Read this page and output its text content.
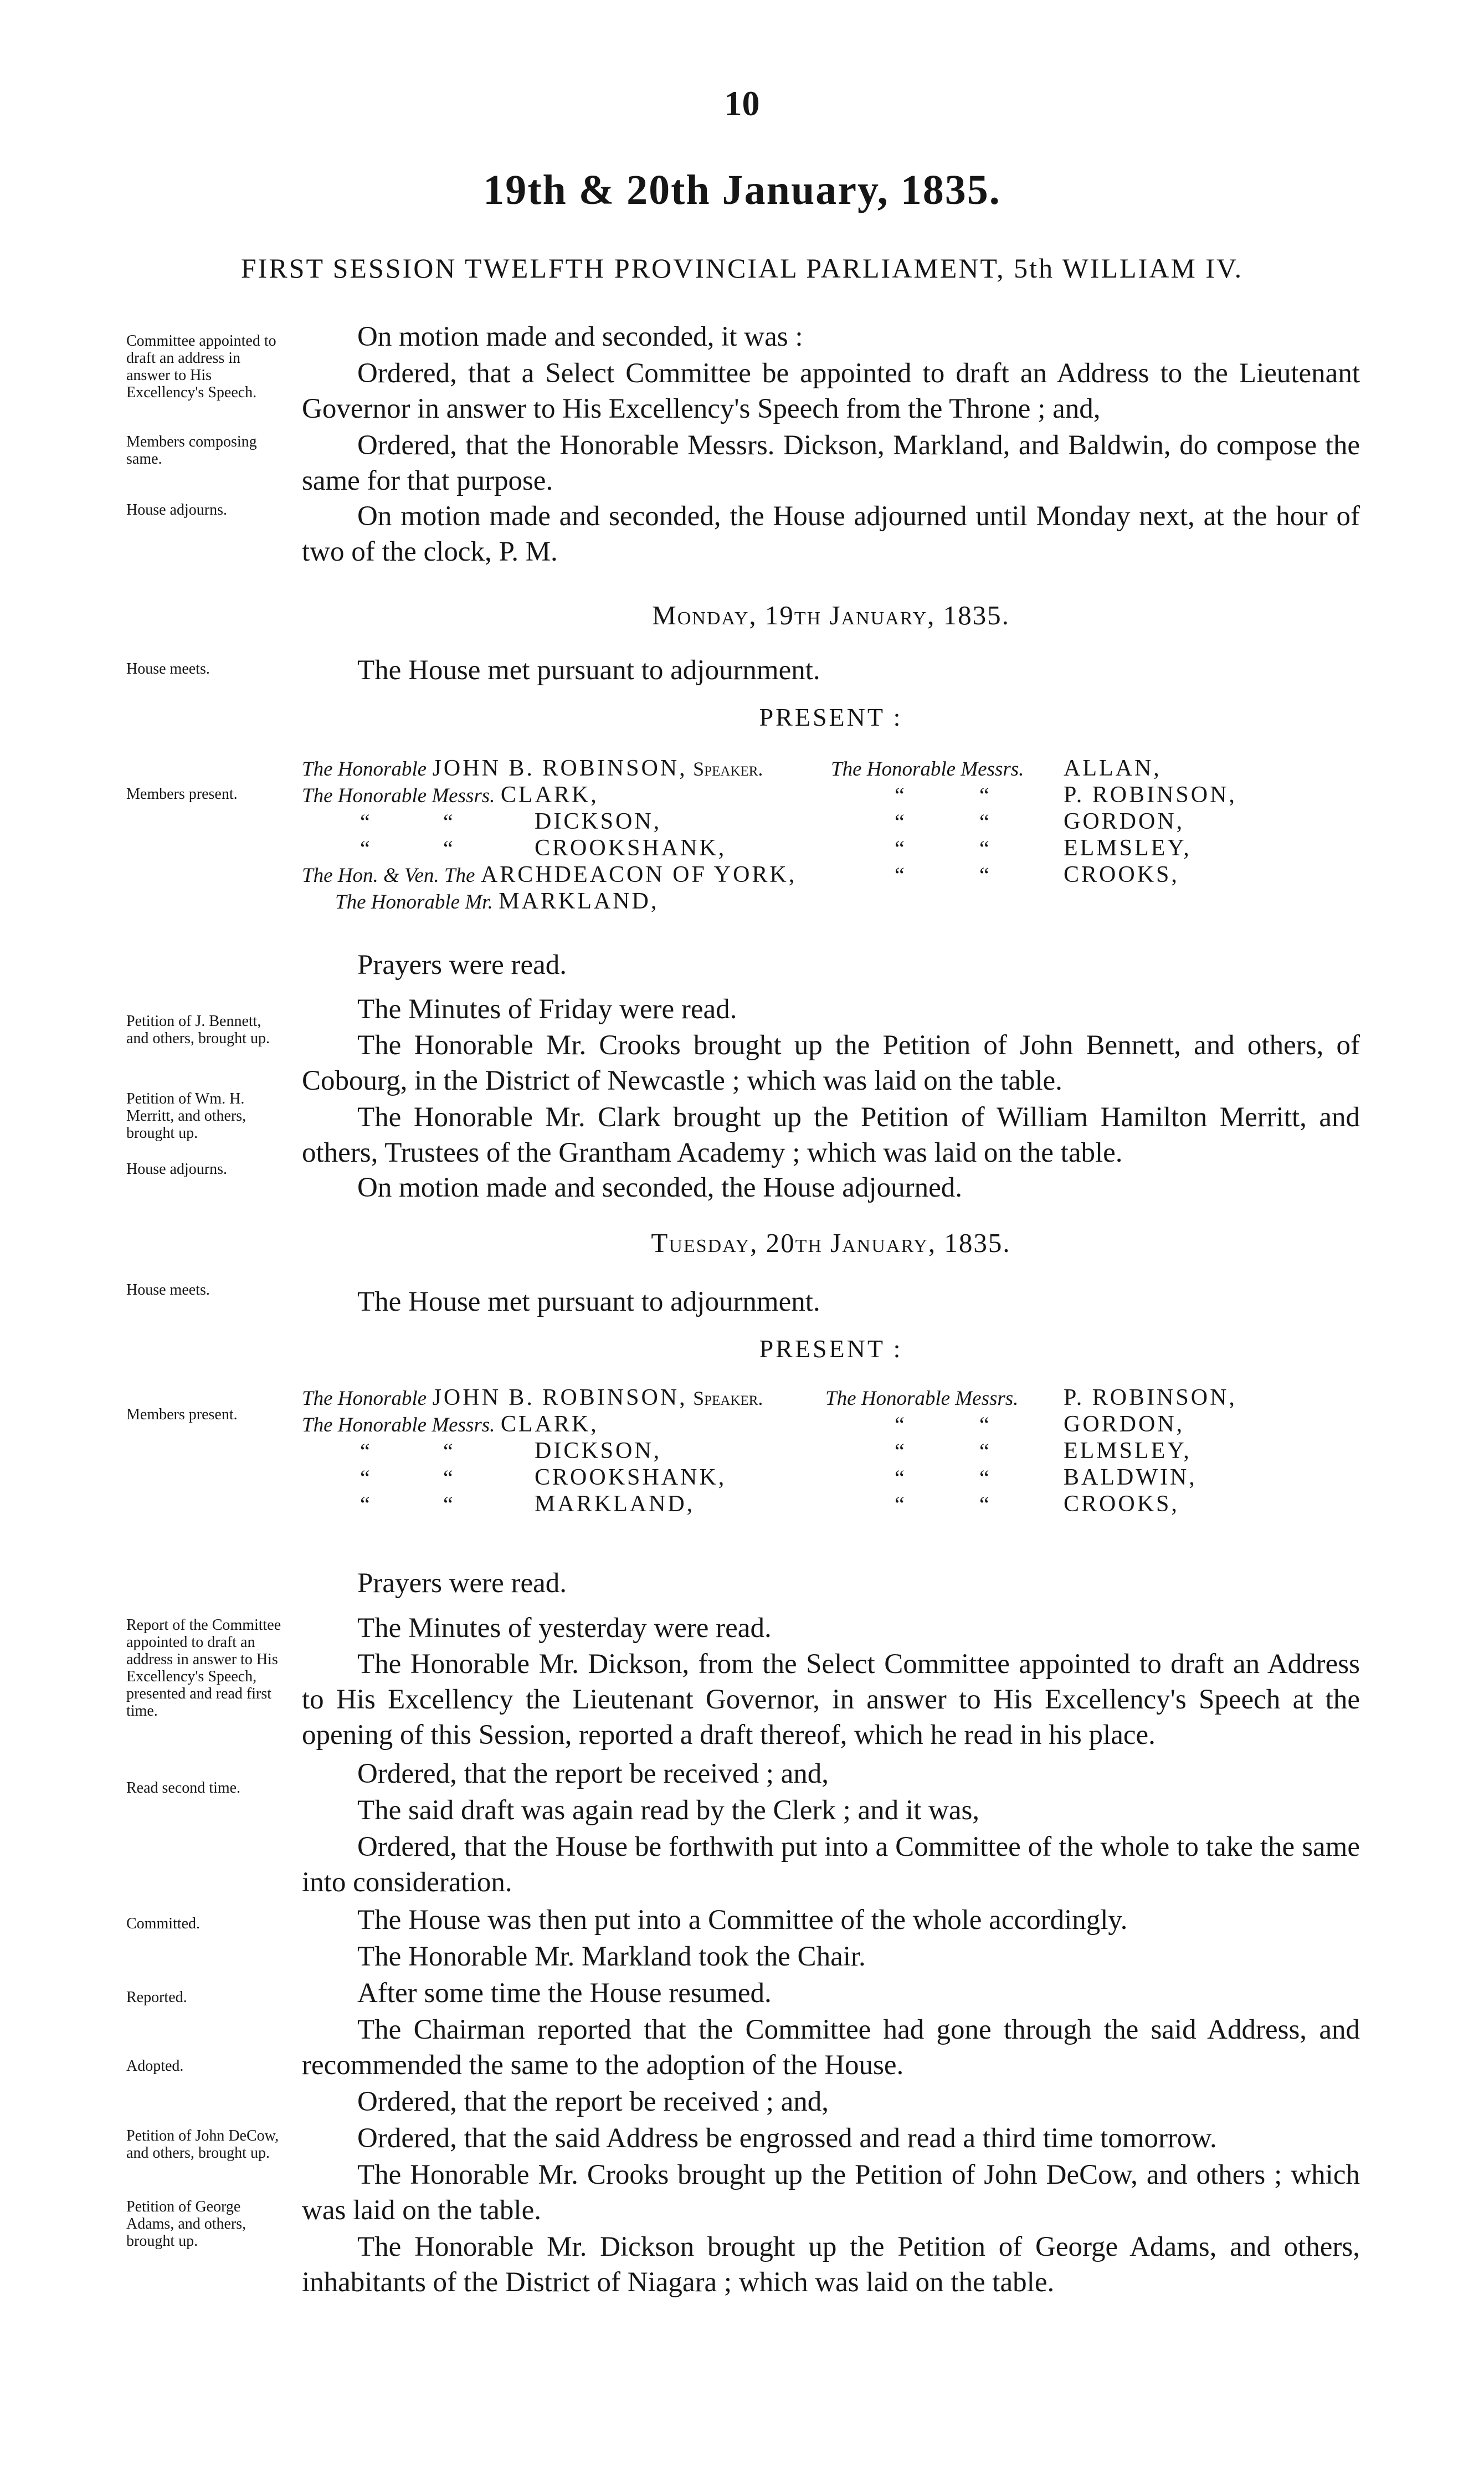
10
19th & 20th January, 1835.
FIRST SESSION TWELFTH PROVINCIAL PARLIAMENT, 5th WILLIAM IV.
Committee appointed to draft an address in answer to His Excellency's Speech.
Members composing same.
House adjourns.
House meets.
Members present.
Petition of J. Bennett, and others, brought up.
Petition of Wm. H. Merritt, and others, brought up.
House adjourns.
House meets.
Members present.
Report of the Committee appointed to draft an address in answer to His Excellency's Speech, presented and read first time.
Read second time.
Committed.
Reported.
Adopted.
Petition of John DeCow, and others, brought up.
Petition of George Adams, and others, brought up.
On motion made and seconded, it was :
Ordered, that a Select Committee be appointed to draft an Address to the Lieutenant Governor in answer to His Excellency's Speech from the Throne ; and,
Ordered, that the Honorable Messrs. Dickson, Markland, and Baldwin, do compose the same for that purpose.
On motion made and seconded, the House adjourned until Monday next, at the hour of two of the clock, P. M.
Monday, 19th January, 1835.
The House met pursuant to adjournment.
PRESENT :
The Honorable JOHN B. ROBINSON, Speaker.
The Honorable Messrs. CLARK,
“	“	DICKSON,
“	“	CROOKSHANK,
The Hon. & Ven. The ARCHDEACON OF YORK,
The Honorable Mr. MARKLAND,
The Honorable Messrs. ALLAN,
“	“	P. ROBINSON,
“	“	GORDON,
“	“	ELMSLEY,
“	“	CROOKS,
Prayers were read.
The Minutes of Friday were read.
The Honorable Mr. Crooks brought up the Petition of John Bennett, and others, of Cobourg, in the District of Newcastle ; which was laid on the table.
The Honorable Mr. Clark brought up the Petition of William Hamilton Merritt, and others, Trustees of the Grantham Academy ; which was laid on the table.
On motion made and seconded, the House adjourned.
Tuesday, 20th January, 1835.
The House met pursuant to adjournment.
PRESENT :
The Honorable JOHN B. ROBINSON, Speaker.
The Honorable Messrs. CLARK,
“	“	DICKSON,
“	“	CROOKSHANK,
“	“	MARKLAND,
The Honorable Messrs. P. ROBINSON,
“	“	GORDON,
“	“	ELMSLEY,
“	“	BALDWIN,
“	“	CROOKS,
Prayers were read.
The Minutes of yesterday were read.
The Honorable Mr. Dickson, from the Select Committee appointed to draft an Address to His Excellency the Lieutenant Governor, in answer to His Excellency's Speech at the opening of this Session, reported a draft thereof, which he read in his place.
Ordered, that the report be received ; and,
The said draft was again read by the Clerk ; and it was,
Ordered, that the House be forthwith put into a Committee of the whole to take the same into consideration.
The House was then put into a Committee of the whole accordingly.
The Honorable Mr. Markland took the Chair.
After some time the House resumed.
The Chairman reported that the Committee had gone through the said Address, and recommended the same to the adoption of the House.
Ordered, that the report be received ; and,
Ordered, that the said Address be engrossed and read a third time tomorrow.
The Honorable Mr. Crooks brought up the Petition of John DeCow, and others ; which was laid on the table.
The Honorable Mr. Dickson brought up the Petition of George Adams, and others, inhabitants of the District of Niagara ; which was laid on the table.
